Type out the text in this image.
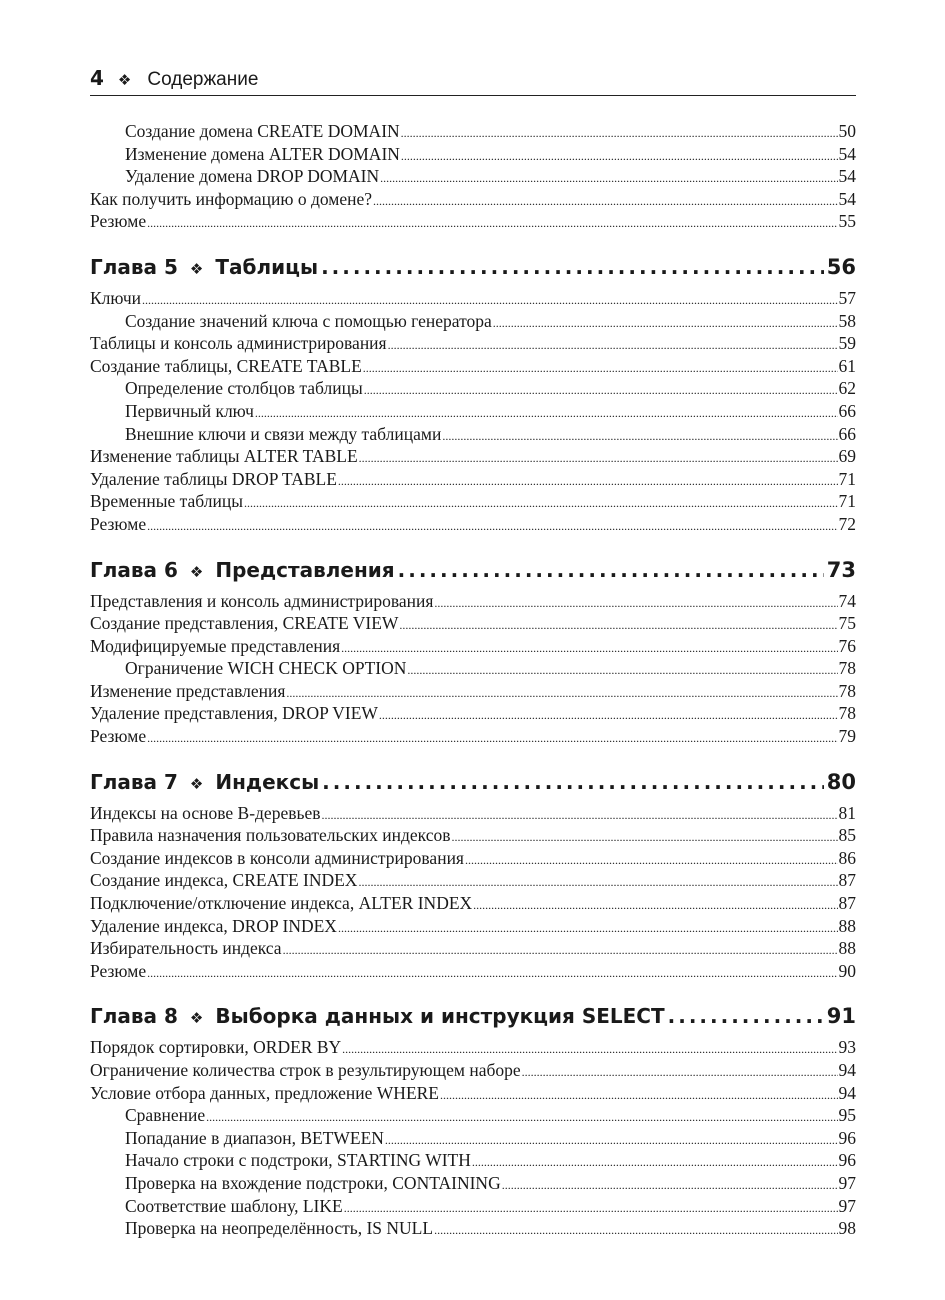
4 ❖ Содержание
Создание домена CREATE DOMAIN .....	50
Изменение домена ALTER DOMAIN .....	54
Удаление домена DROP DOMAIN .....	54
Как получить информацию о домене? .....	54
Резюме .....	55
Глава 5 ❖ Таблицы .....	56
Ключи .....	57
Создание значений ключа с помощью генератора .....	58
Таблицы и консоль администрирования .....	59
Создание таблицы, CREATE TABLE .....	61
Определение столбцов таблицы .....	62
Первичный ключ .....	66
Внешние ключи и связи между таблицами .....	66
Изменение таблицы ALTER TABLE .....	69
Удаление таблицы DROP TABLE .....	71
Временные таблицы .....	71
Резюме .....	72
Глава 6 ❖ Представления .....	73
Представления и консоль администрирования .....	74
Создание представления, CREATE VIEW .....	75
Модифицируемые представления .....	76
Ограничение WICH CHECK OPTION .....	78
Изменение представления .....	78
Удаление представления, DROP VIEW .....	78
Резюме .....	79
Глава 7 ❖ Индексы .....	80
Индексы на основе B-деревьев .....	81
Правила назначения пользовательских индексов .....	85
Создание индексов в консоли администрирования .....	86
Создание индекса, CREATE INDEX .....	87
Подключение/отключение индекса, ALTER INDEX .....	87
Удаление индекса, DROP INDEX .....	88
Избирательность индекса .....	88
Резюме .....	90
Глава 8 ❖ Выборка данных и инструкция SELECT .....	91
Порядок сортировки, ORDER BY .....	93
Ограничение количества строк в результирующем наборе .....	94
Условие отбора данных, предложение WHERE .....	94
Сравнение .....	95
Попадание в диапазон, BETWEEN .....	96
Начало строки с подстроки, STARTING WITH .....	96
Проверка на вхождение подстроки, CONTAINING .....	97
Соответствие шаблону, LIKE .....	97
Проверка на неопределённость, IS NULL .....	98
